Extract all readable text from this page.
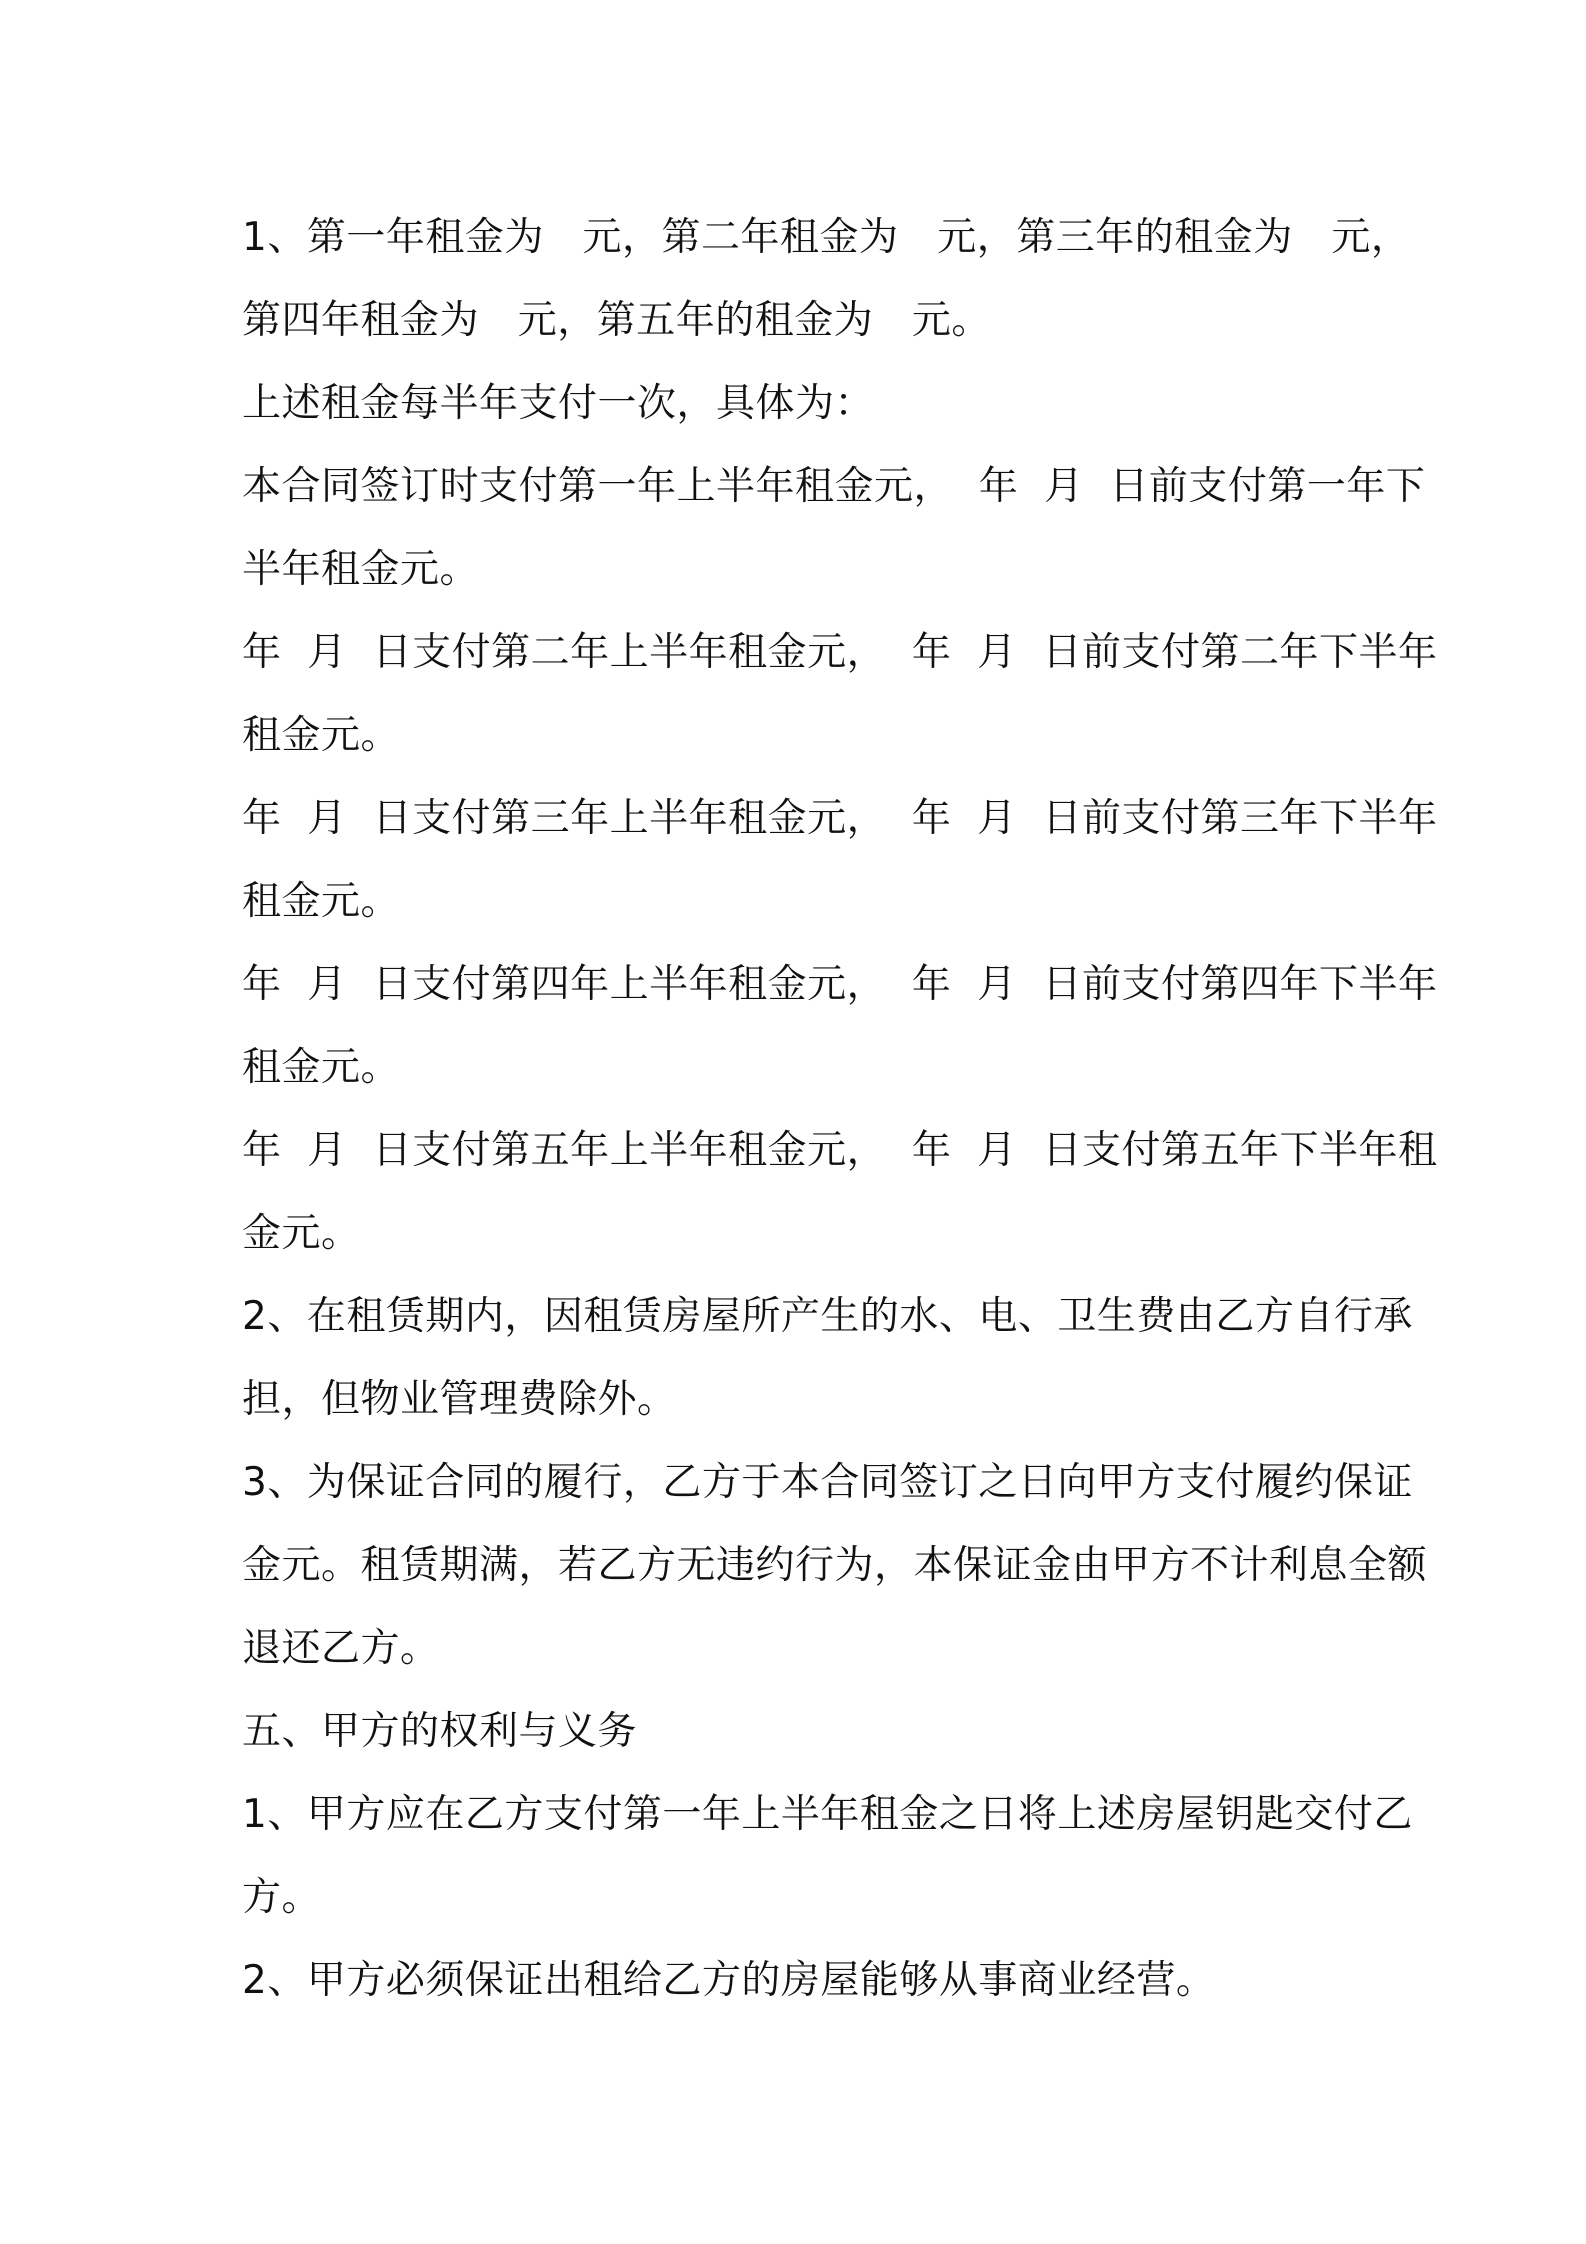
1、第一年租金为   元，第二年租金为   元，第三年的租金为   元，

第四年租金为   元，第五年的租金为   元。

上述租金每半年支付一次，具体为：

本合同签订时支付第一年上半年租金元，  年  月  日前支付第一年下

半年租金元。

年  月  日支付第二年上半年租金元，  年  月  日前支付第二年下半年

租金元。

年  月  日支付第三年上半年租金元，  年  月  日前支付第三年下半年

租金元。

年  月  日支付第四年上半年租金元，  年  月  日前支付第四年下半年

租金元。

年  月  日支付第五年上半年租金元，  年  月  日支付第五年下半年租

金元。

2、在租赁期内，因租赁房屋所产生的水、电、卫生费由乙方自行承

担，但物业管理费除外。

3、为保证合同的履行，乙方于本合同签订之日向甲方支付履约保证

金元。租赁期满，若乙方无违约行为，本保证金由甲方不计利息全额

退还乙方。

五、甲方的权利与义务

1、甲方应在乙方支付第一年上半年租金之日将上述房屋钥匙交付乙

方。

2、甲方必须保证出租给乙方的房屋能够从事商业经营。
